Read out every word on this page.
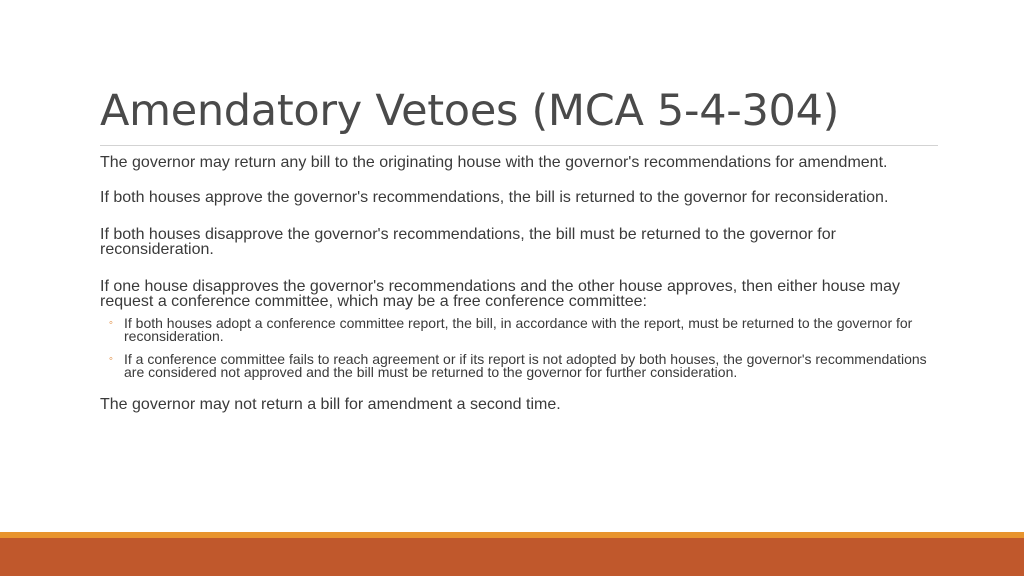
Amendatory Vetoes (MCA 5-4-304)

The governor may return any bill to the originating house with the governor's recommendations for amendment.

If both houses approve the governor's recommendations, the bill is returned to the governor for reconsideration.

If both houses disapprove the governor's recommendations, the bill must be returned to the governor for reconsideration.

If one house disapproves the governor's recommendations and the other house approves, then either house may request a conference committee, which may be a free conference committee:

◦ If both houses adopt a conference committee report, the bill, in accordance with the report, must be returned to the governor for reconsideration.
◦ If a conference committee fails to reach agreement or if its report is not adopted by both houses, the governor's recommendations are considered not approved and the bill must be returned to the governor for further consideration.

The governor may not return a bill for amendment a second time.
